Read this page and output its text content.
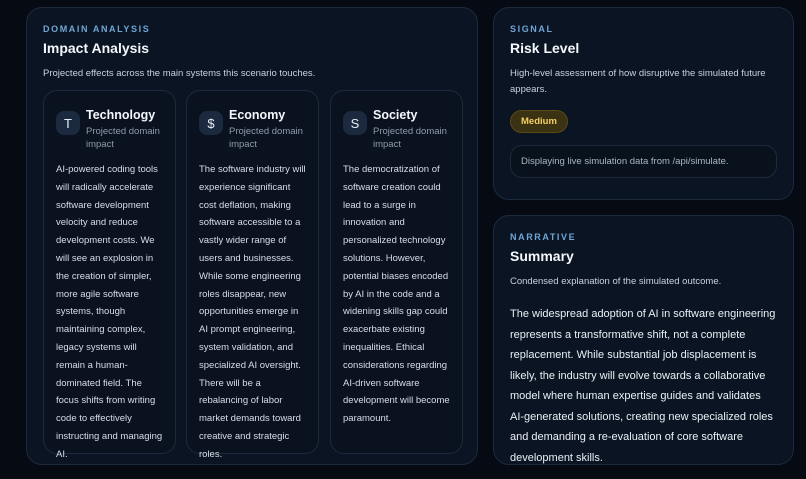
DOMAIN ANALYSIS
Impact Analysis
Projected effects across the main systems this scenario touches.
T
Technology
Projected domain impact
AI-powered coding tools will radically accelerate software development velocity and reduce development costs. We will see an explosion in the creation of simpler, more agile software systems, though maintaining complex, legacy systems will remain a human-dominated field. The focus shifts from writing code to effectively instructing and managing AI.
$
Economy
Projected domain impact
The software industry will experience significant cost deflation, making software accessible to a vastly wider range of users and businesses. While some engineering roles disappear, new opportunities emerge in AI prompt engineering, system validation, and specialized AI oversight. There will be a rebalancing of labor market demands toward creative and strategic roles.
S
Society
Projected domain impact
The democratization of software creation could lead to a surge in innovation and personalized technology solutions. However, potential biases encoded by AI in the code and a widening skills gap could exacerbate existing inequalities. Ethical considerations regarding AI-driven software development will become paramount.
SIGNAL
Risk Level
High-level assessment of how disruptive the simulated future appears.
Medium
Displaying live simulation data from /api/simulate.
NARRATIVE
Summary
Condensed explanation of the simulated outcome.
The widespread adoption of AI in software engineering represents a transformative shift, not a complete replacement. While substantial job displacement is likely, the industry will evolve towards a collaborative model where human expertise guides and validates AI-generated solutions, creating new specialized roles and demanding a re-evaluation of core software development skills.
